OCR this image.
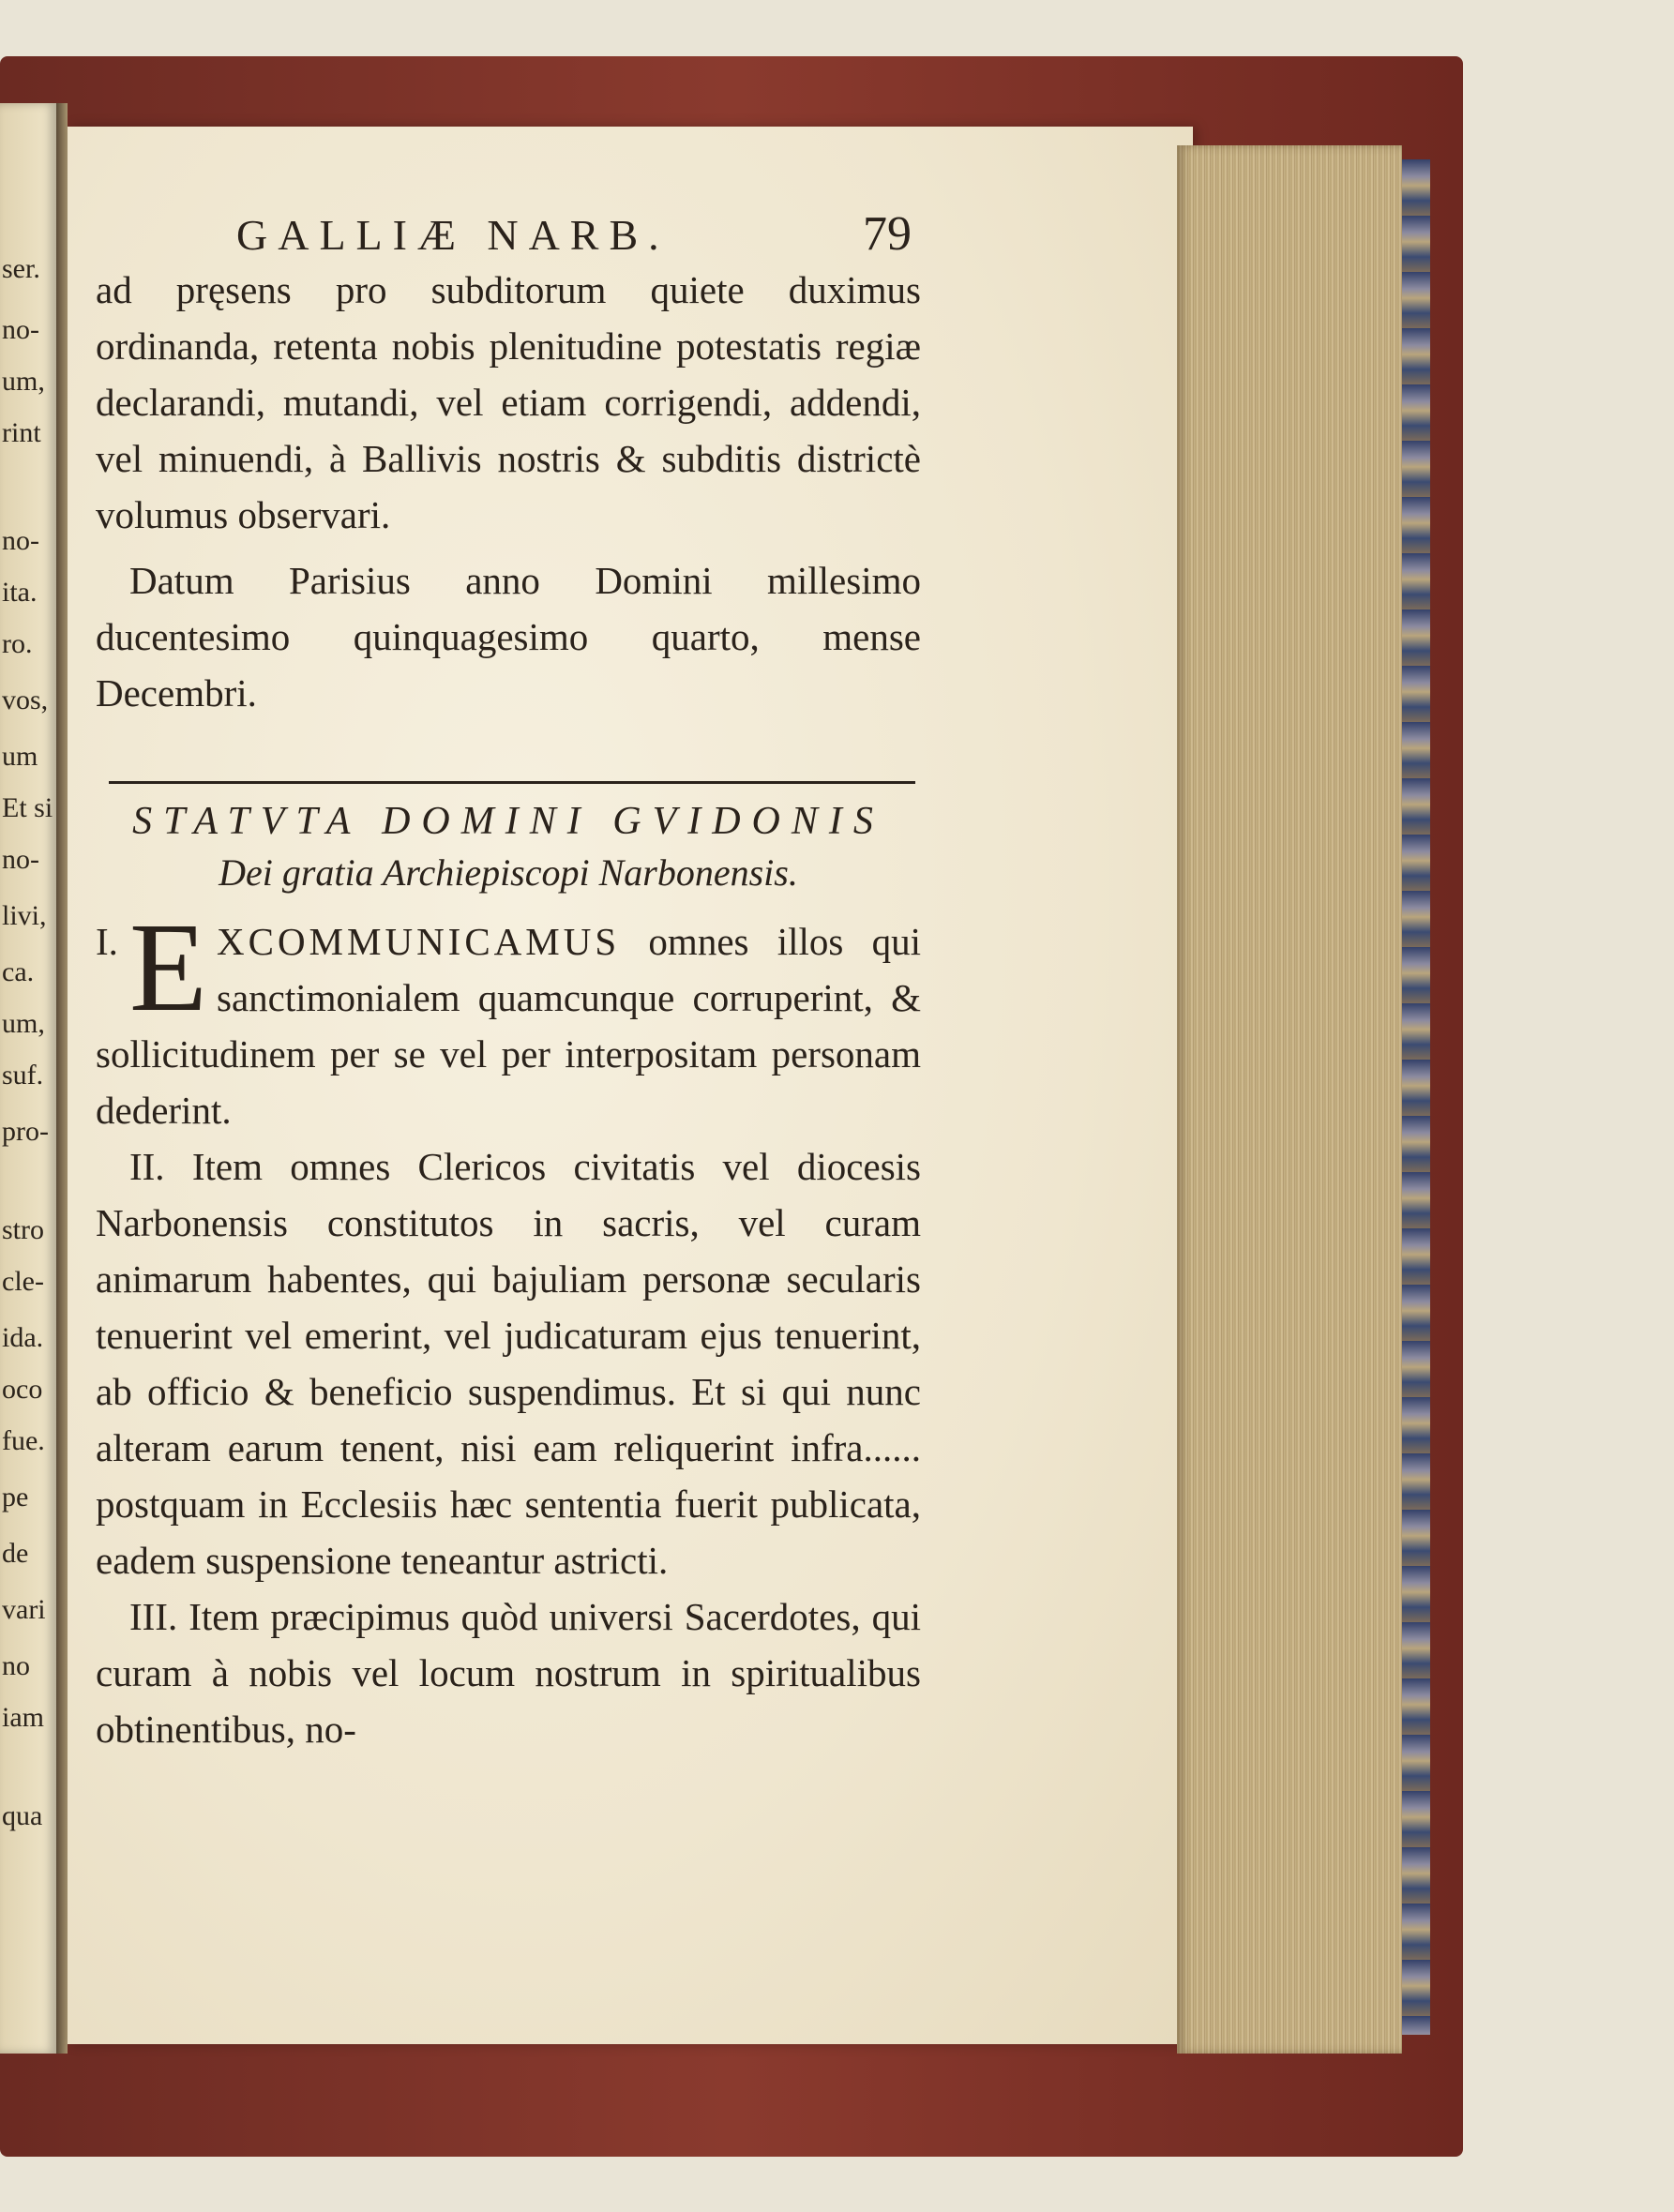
ser.
no-
um,
rint
no-
ita.
ro.
vos,
um
Et si
no-
livi,
ca.
um,
suf.
pro-
stro
cle-
ida.
oco
fue.
pe
de
vari
no
iam
qua
GALLIÆ NARB.	79

ad pręsens pro subditorum quiete duximus ordinanda, retenta nobis plenitudine potestatis regiæ declarandi, mutandi, vel etiam corrigendi, addendi, vel minuendi, à Ballivis nostris & subditis districtè volumus observari.

Datum Parisius anno Domini millesimo ducentesimo quinquagesimo quarto, mense Decembri.

STATVTA DOMINI GVIDONIS

Dei gratia Archiepiscopi Narbonensis.

I. E XCOMMUNICAMUS omnes illos qui sanctimonialem quamcunque corruperint, & sollicitudinem per se vel per interpositam personam dederint.

II. Item omnes Clericos civitatis vel diocesis Narbonensis constitutos in sacris, vel curam animarum habentes, qui bajuliam personæ secularis tenuerint vel emerint, vel judicaturam ejus tenuerint, ab officio & beneficio suspendimus. Et si qui nunc alteram earum tenent, nisi eam reliquerint infra...... postquam in Ecclesiis hæc sententia fuerit publicata, eadem suspensione teneantur astricti.

III. Item præcipimus quòd universi Sacerdotes, qui curam à nobis vel locum nostrum in spiritualibus obtinentibus, no-
